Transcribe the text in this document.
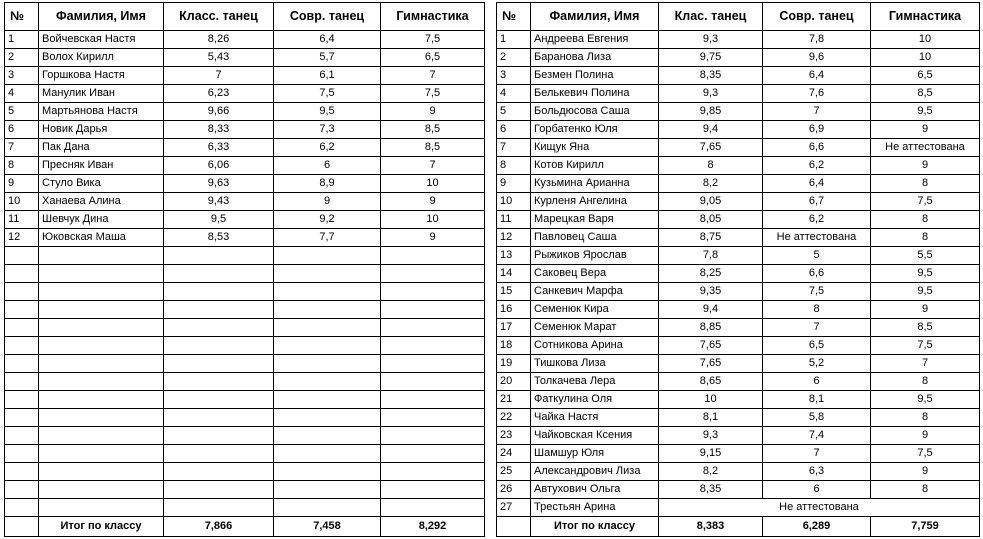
№	Фамилия, Имя	Класс. танец	Совр. танец	Гимнастика
1	Войчевская Настя	8,26	6,4	7,5
2	Волох Кирилл	5,43	5,7	6,5
3	Горшкова Настя	7	6,1	7
4	Манулик Иван	6,23	7,5	7,5
5	Мартьянова Настя	9,66	9,5	9
6	Новик Дарья	8,33	7,3	8,5
7	Пак Дана	6,33	6,2	8,5
8	Пресняк Иван	6,06	6	7
9	Стуло Вика	9,63	8,9	10
10	Ханаева Алина	9,43	9	9
11	Шевчук Дина	9,5	9,2	10
12	Юковская Маша	8,53	7,7	9

	Итог по классу	7,866	7,458	8,292
№	Фамилия, Имя	Клас. танец	Совр. танец	Гимнастика
1	Андреева Евгения	9,3	7,8	10
2	Баранова Лиза	9,75	9,6	10
3	Безмен Полина	8,35	6,4	6,5
4	Белькевич Полина	9,3	7,6	8,5
5	Больдюсова Саша	9,85	7	9,5
6	Горбатенко Юля	9,4	6,9	9
7	Кищук Яна	7,65	6,6	Не аттестована
8	Котов Кирилл	8	6,2	9
9	Кузьмина Арианна	8,2	6,4	8
10	Курленя Ангелина	9,05	6,7	7,5
11	Марецкая Варя	8,05	6,2	8
12	Павловец Саша	8,75	Не аттестована	8
13	Рыжиков Ярослав	7,8	5	5,5
14	Саковец Вера	8,25	6,6	9,5
15	Санкевич Марфа	9,35	7,5	9,5
16	Семенюк Кира	9,4	8	9
17	Семенюк Марат	8,85	7	8,5
18	Сотникова Арина	7,65	6,5	7,5
19	Тишкова Лиза	7,65	5,2	7
20	Толкачева Лера	8,65	6	8
21	Фаткулина Оля	10	8,1	9,5
22	Чайка Настя	8,1	5,8	8
23	Чайковская Ксения	9,3	7,4	9
24	Шамшур Юля	9,15	7	7,5
25	Александрович Лиза	8,2	6,3	9
26	Автухович Ольга	8,35	6	8
27	Трестьян Арина	Не аттестована		
	Итог по классу	8,383	6,289	7,759
